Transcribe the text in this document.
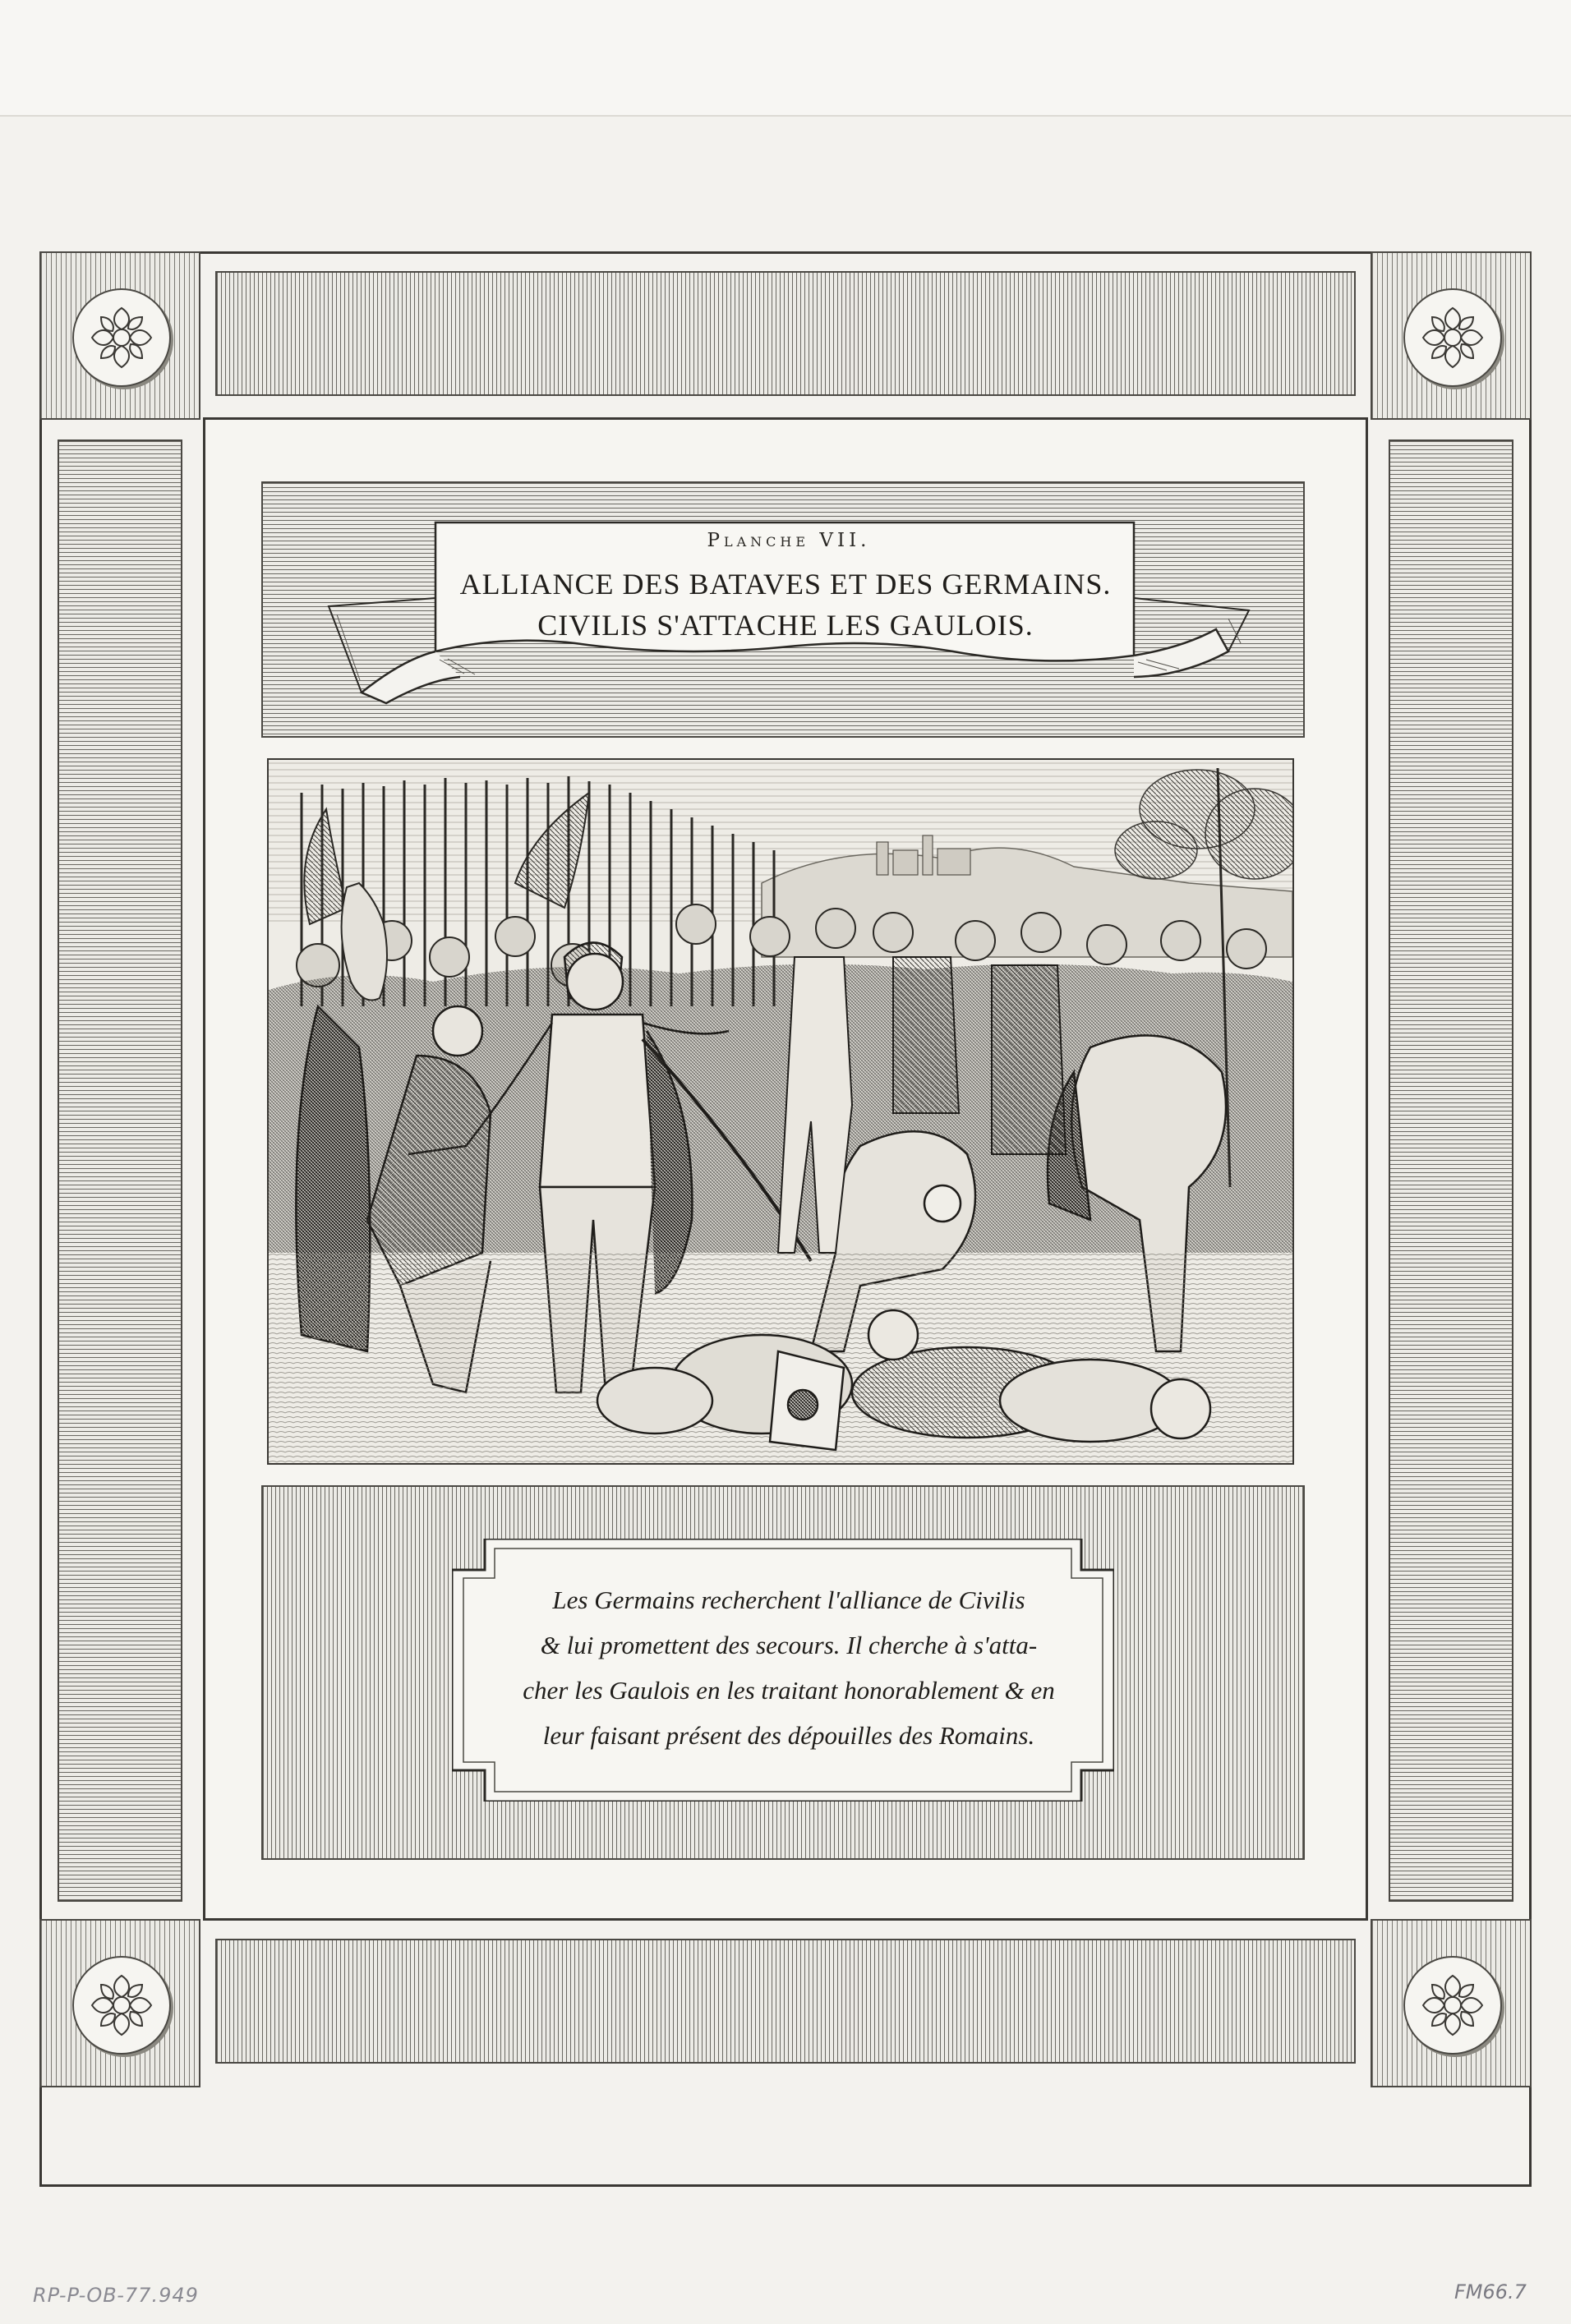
Planche VII.
ALLIANCE DES BATAVES ET DES GERMAINS.
CIVILIS S'ATTACHE LES GAULOIS.
Les Germains recherchent l'alliance de Civilis
& lui promettent des secours. Il cherche à s'atta-
cher les Gaulois en les traitant honorablement & en
leur faisant présent des dépouilles des Romains.
RP-P-OB-77.949	FM66.7
